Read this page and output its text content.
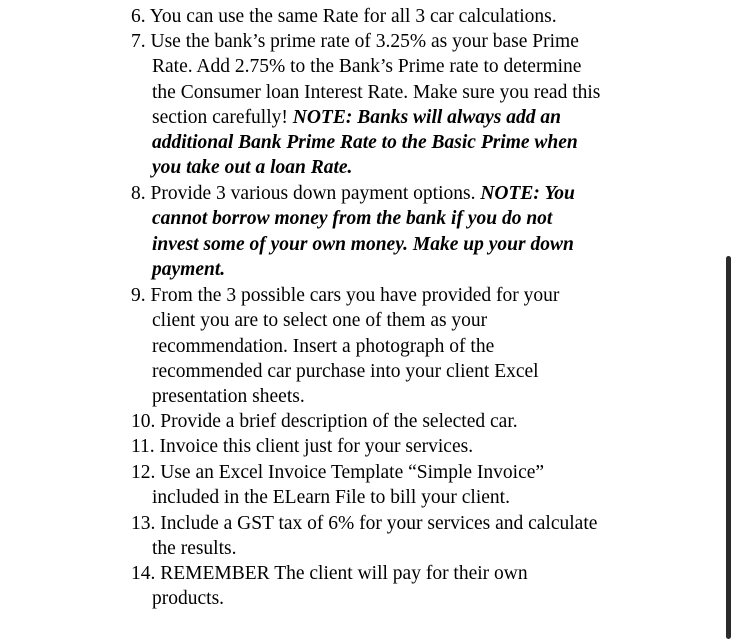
6. You can use the same Rate for all 3 car calculations.
7. Use the bank’s prime rate of 3.25% as your base Prime
Rate. Add 2.75% to the Bank’s Prime rate to determine
the Consumer loan Interest Rate. Make sure you read this
section carefully! NOTE: Banks will always add an
additional Bank Prime Rate to the Basic Prime when
you take out a loan Rate.
8. Provide 3 various down payment options. NOTE: You
cannot borrow money from the bank if you do not
invest some of your own money. Make up your down
payment.
9. From the 3 possible cars you have provided for your
client you are to select one of them as your
recommendation. Insert a photograph of the
recommended car purchase into your client Excel
presentation sheets.
10. Provide a brief description of the selected car.
11. Invoice this client just for your services.
12. Use an Excel Invoice Template “Simple Invoice”
included in the ELearn File to bill your client.
13. Include a GST tax of 6% for your services and calculate
the results.
14. REMEMBER The client will pay for their own
products.
